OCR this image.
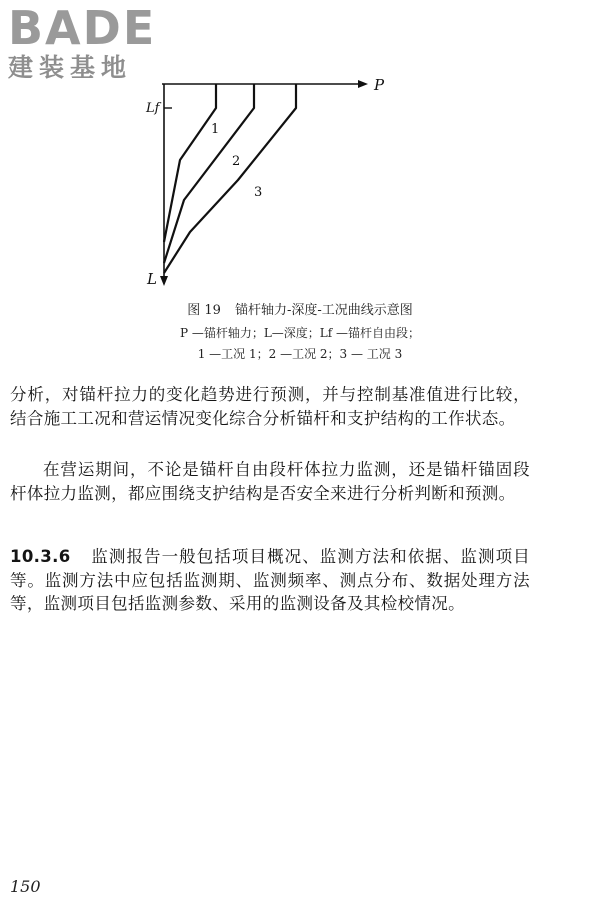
BADE
建装基地
P
L
Lf
1
2
3
图 19 锚杆轴力-深度-工况曲线示意图
P —锚杆轴力；L—深度；Lf —锚杆自由段；
1 —工况 1；2 —工况 2；3 — 工况 3
分析，对锚杆拉力的变化趋势进行预测，并与控制基准值进行比较，结合施工工况和营运情况变化综合分析锚杆和支护结构的工作状态。
在营运期间，不论是锚杆自由段杆体拉力监测，还是锚杆锚固段杆体拉力监测，都应围绕支护结构是否安全来进行分析判断和预测。
10.3.6 监测报告一般包括项目概况、监测方法和依据、监测项目等。监测方法中应包括监测期、监测频率、测点分布、数据处理方法等，监测项目包括监测参数、采用的监测设备及其检校情况。
150
